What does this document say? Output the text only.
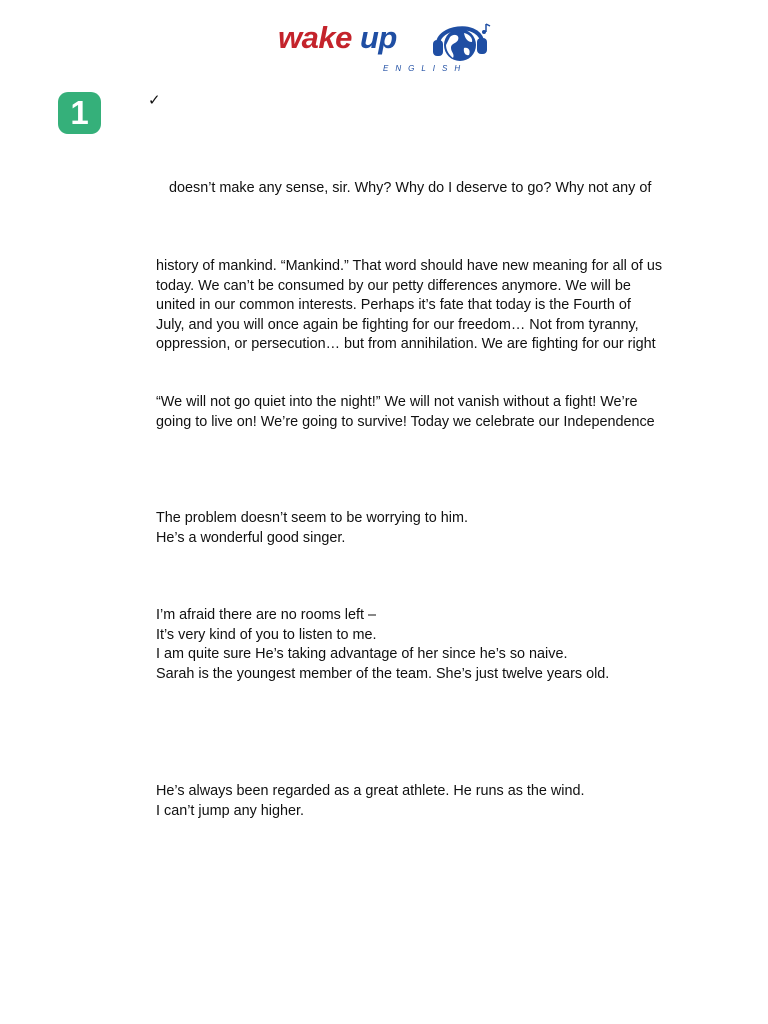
wake up
ENGLISH
1	✓
doesn’t make any sense, sir. Why? Why do I deserve to go? Why not any of
history of mankind. “Mankind.” That word should have new meaning for all of us
today. We can’t be consumed by our petty differences anymore. We will be
united in our common interests. Perhaps it’s fate that today is the Fourth of
July, and you will once again be fighting for our freedom… Not from tyranny,
oppression, or persecution… but from annihilation. We are fighting for our right
“We will not go quiet into the night!” We will not vanish without a fight! We’re
going to live on! We’re going to survive! Today we celebrate our Independence
The problem doesn’t seem to be worrying to him.
He’s a wonderful good singer.
I’m afraid there are no rooms left –
It’s very kind of you to listen to me.
I am quite sure He’s taking advantage of her since he’s so naive.
Sarah is the youngest member of the team. She’s just twelve years old.
He’s always been regarded as a great athlete. He runs as the wind.
I can’t jump any higher.
